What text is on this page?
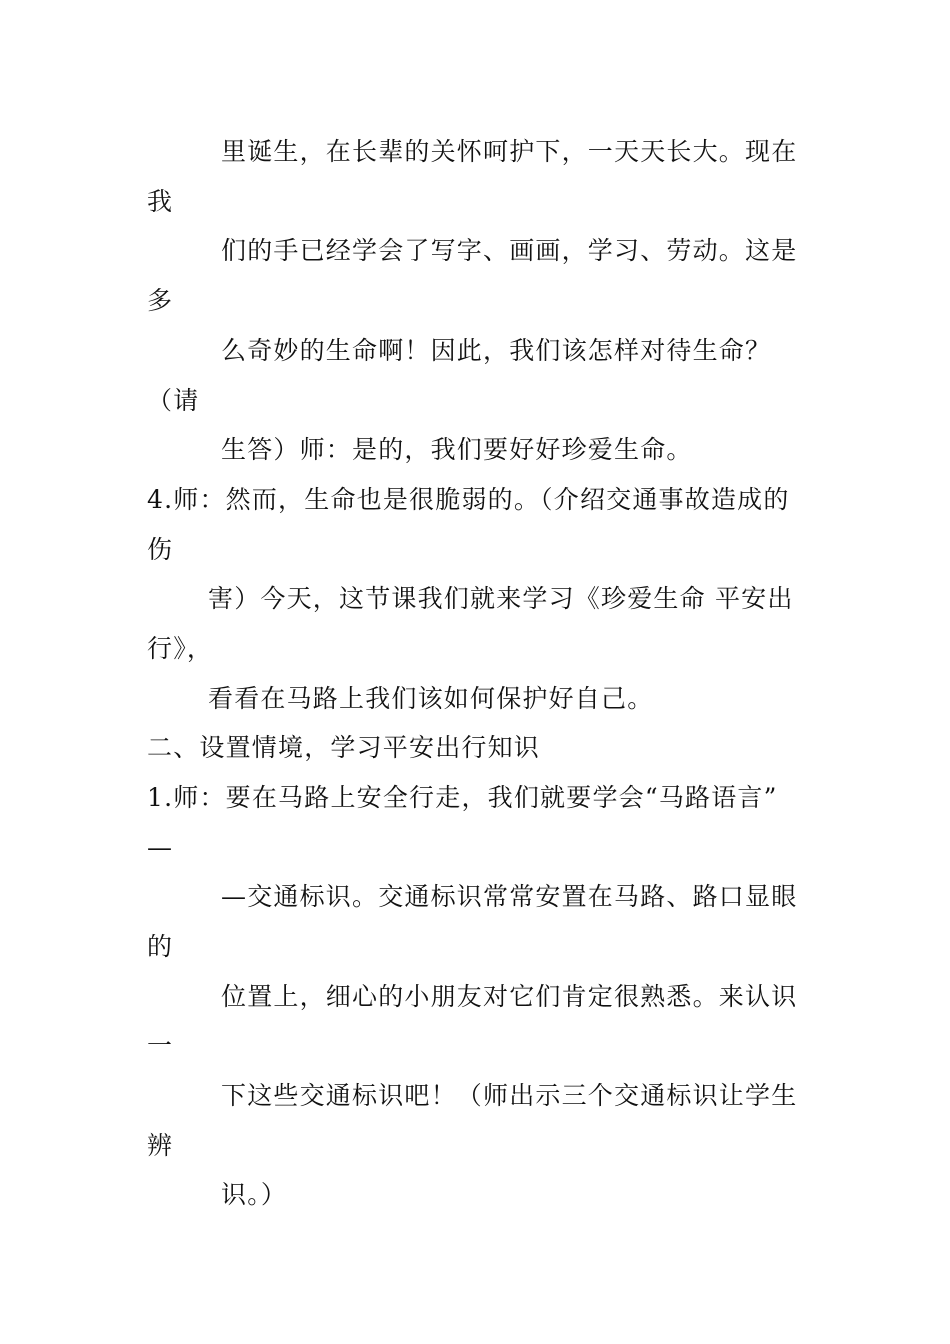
里诞生，在长辈的关怀呵护下，一天天长大。现在
我
们的手已经学会了写字、画画，学习、劳动。这是
多
么奇妙的生命啊！因此，我们该怎样对待生命？
（请
生答）师：是的，我们要好好珍爱生命。
4.师：然而，生命也是很脆弱的。（介绍交通事故造成的
伤
害）今天，这节课我们就来学习《珍爱生命 平安出
行》，
看看在马路上我们该如何保护好自己。
二、设置情境，学习平安出行知识
1.师：要在马路上安全行走，我们就要学会“马路语言”
—
—交通标识。交通标识常常安置在马路、路口显眼
的
位置上，细心的小朋友对它们肯定很熟悉。来认识
一
下这些交通标识吧！（师出示三个交通标识让学生
辨
识。）
